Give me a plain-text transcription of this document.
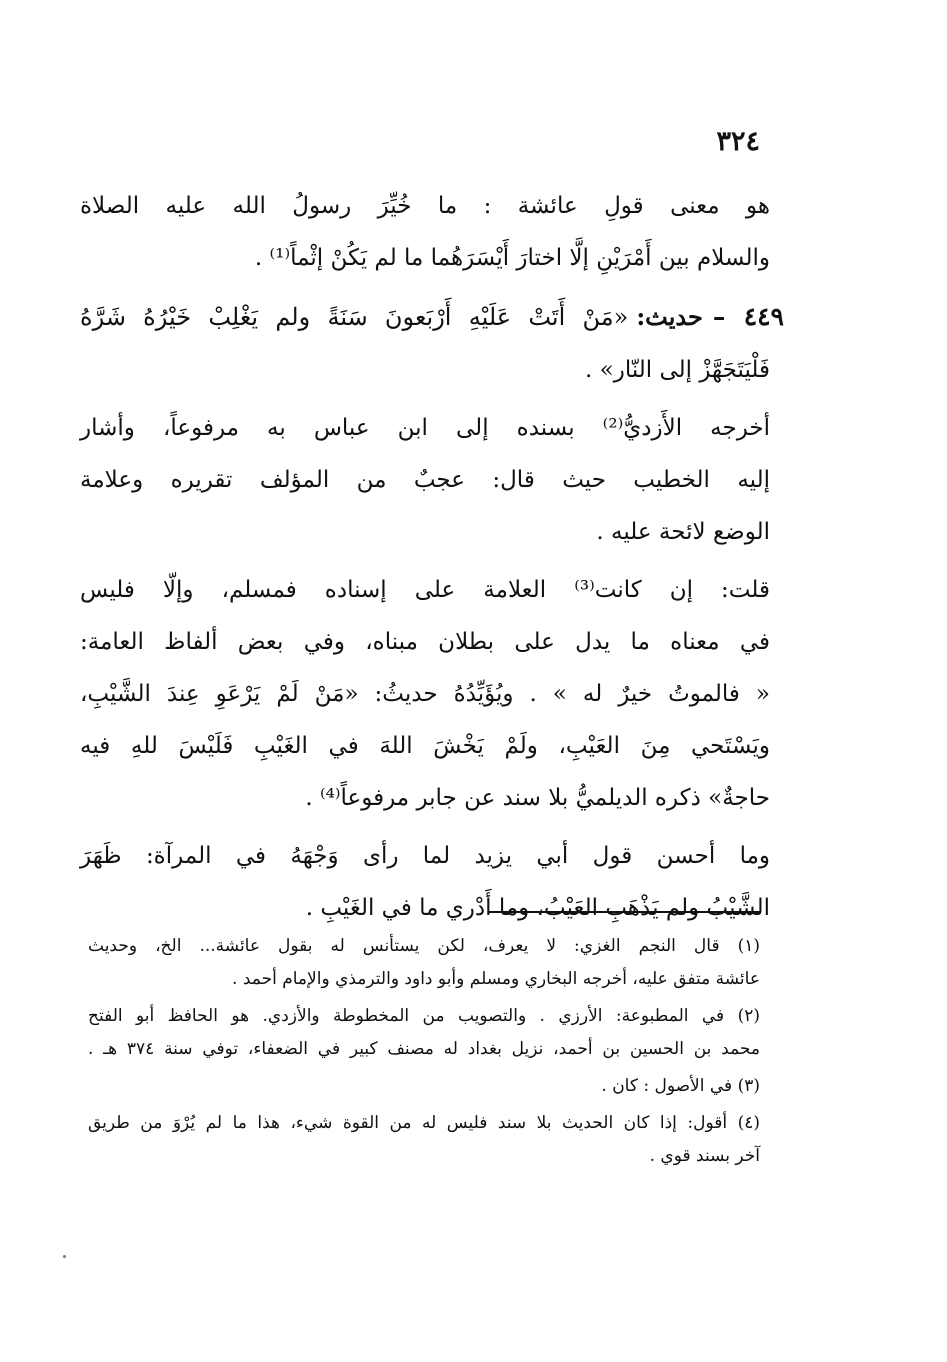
٣٢٤
هو معنى قولِ عائشة : ما خُيِّرَ رسولُ الله عليه الصلاة
والسلام بين أَمْرَيْنِ إلَّا اختارَ أَيْسَرَهُما ما لم يَكُنْ إثْماً⁽¹⁾ .
٤٤٩ –حديث:«مَنْ أَتَتْ عَلَيْهِ أَرْبَعونَ سَنَةً ولم يَغْلِبْ خَيْرُهُ شَرَّهُ
فَلْيَتَجَهَّزْ إلى النّار» .
أخرجه الأَزديُّ⁽²⁾ بسنده إلى ابن عباس به مرفوعاً، وأشار
إليه الخطيب حيث قال: عجبٌ من المؤلف تقريره وعلامة
الوضع لائحة عليه .
قلت: إن كانت⁽³⁾ العلامة على إسناده فمسلم، وإلّا فليس
في معناه ما يدل على بطلان مبناه، وفي بعض ألفاظ العامة:
« فالموتُ خيرٌ له » . ويُؤَيِّدُهُ حديثُ: «مَنْ لَمْ يَرْعَوِ عِندَ الشَّيْبِ،
ويَسْتَحي مِنَ العَيْبِ، ولَمْ يَخْشَ اللهَ في الغَيْبِ فَلَيْسَ للهِ فيه
حاجةٌ» ذكره الديلميُّ بلا سند عن جابر مرفوعاً⁽⁴⁾ .
وما أحسن قول أبي يزيد لما رأى وَجْهَهُ في المرآة: ظَهَرَ
الشَّيْبُ ولم يَذْهَبِ العَيْبُ، وما أَدْري ما في الغَيْبِ .
(١) قال النجم الغزي: لا يعرف، لكن يستأنس له بقول عائشة... الخ، وحديث
عائشة متفق عليه، أخرجه البخاري ومسلم وأبو داود والترمذي والإمام أحمد .
(٢) في المطبوعة: الأرزي . والتصويب من المخطوطة والأزدي. هو الحافظ أبو الفتح
محمد بن الحسين بن أحمد، نزيل بغداد له مصنف كبير في الضعفاء، توفي سنة ٣٧٤ هـ .
(٣) في الأصول : كان .
(٤) أقول: إذا كان الحديث بلا سند فليس له من القوة شيء، هذا ما لم يُرْوَ من طريق
آخر بسند قوي .
